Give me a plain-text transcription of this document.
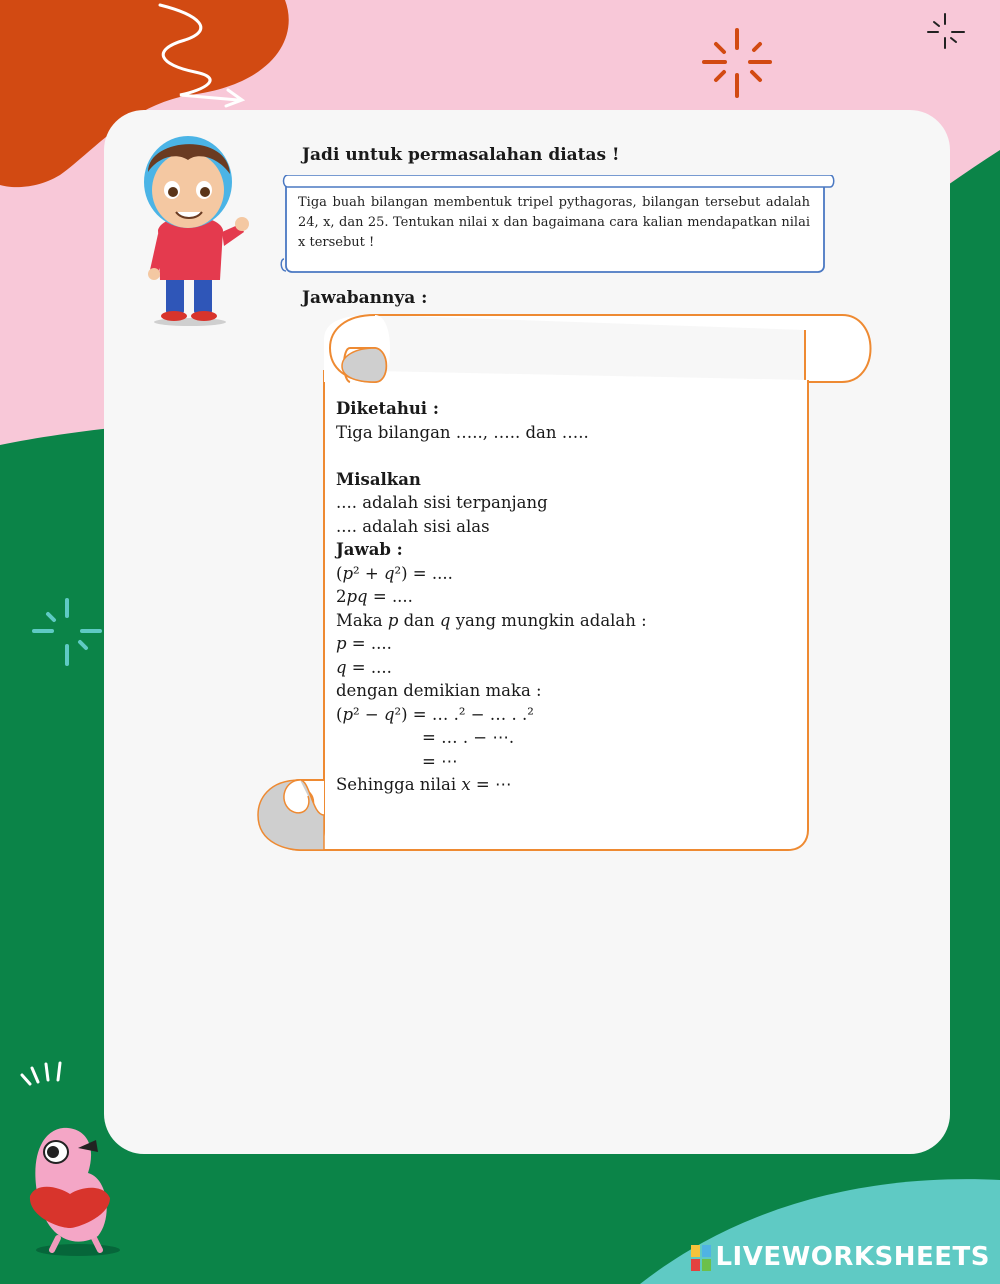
Jadi untuk permasalahan diatas !
Tiga buah bilangan membentuk tripel pythagoras, bilangan tersebut adalah 24, x, dan 25. Tentukan nilai x dan bagaimana cara kalian mendapatkan nilai x tersebut !
Jawabannya :
Diketahui :
Tiga bilangan ….., ….. dan …..
Misalkan
.... adalah sisi terpanjang
.... adalah sisi alas
Jawab :
(p² + q²) = ....
2pq = ....
Maka p dan q yang mungkin adalah :
p = ....
q = ....
dengan demikian maka :
(p² − q²) = … .² − … . .²
= … . − ⋯.
= ⋯
Sehingga nilai x = ⋯
LIVEWORKSHEETS
